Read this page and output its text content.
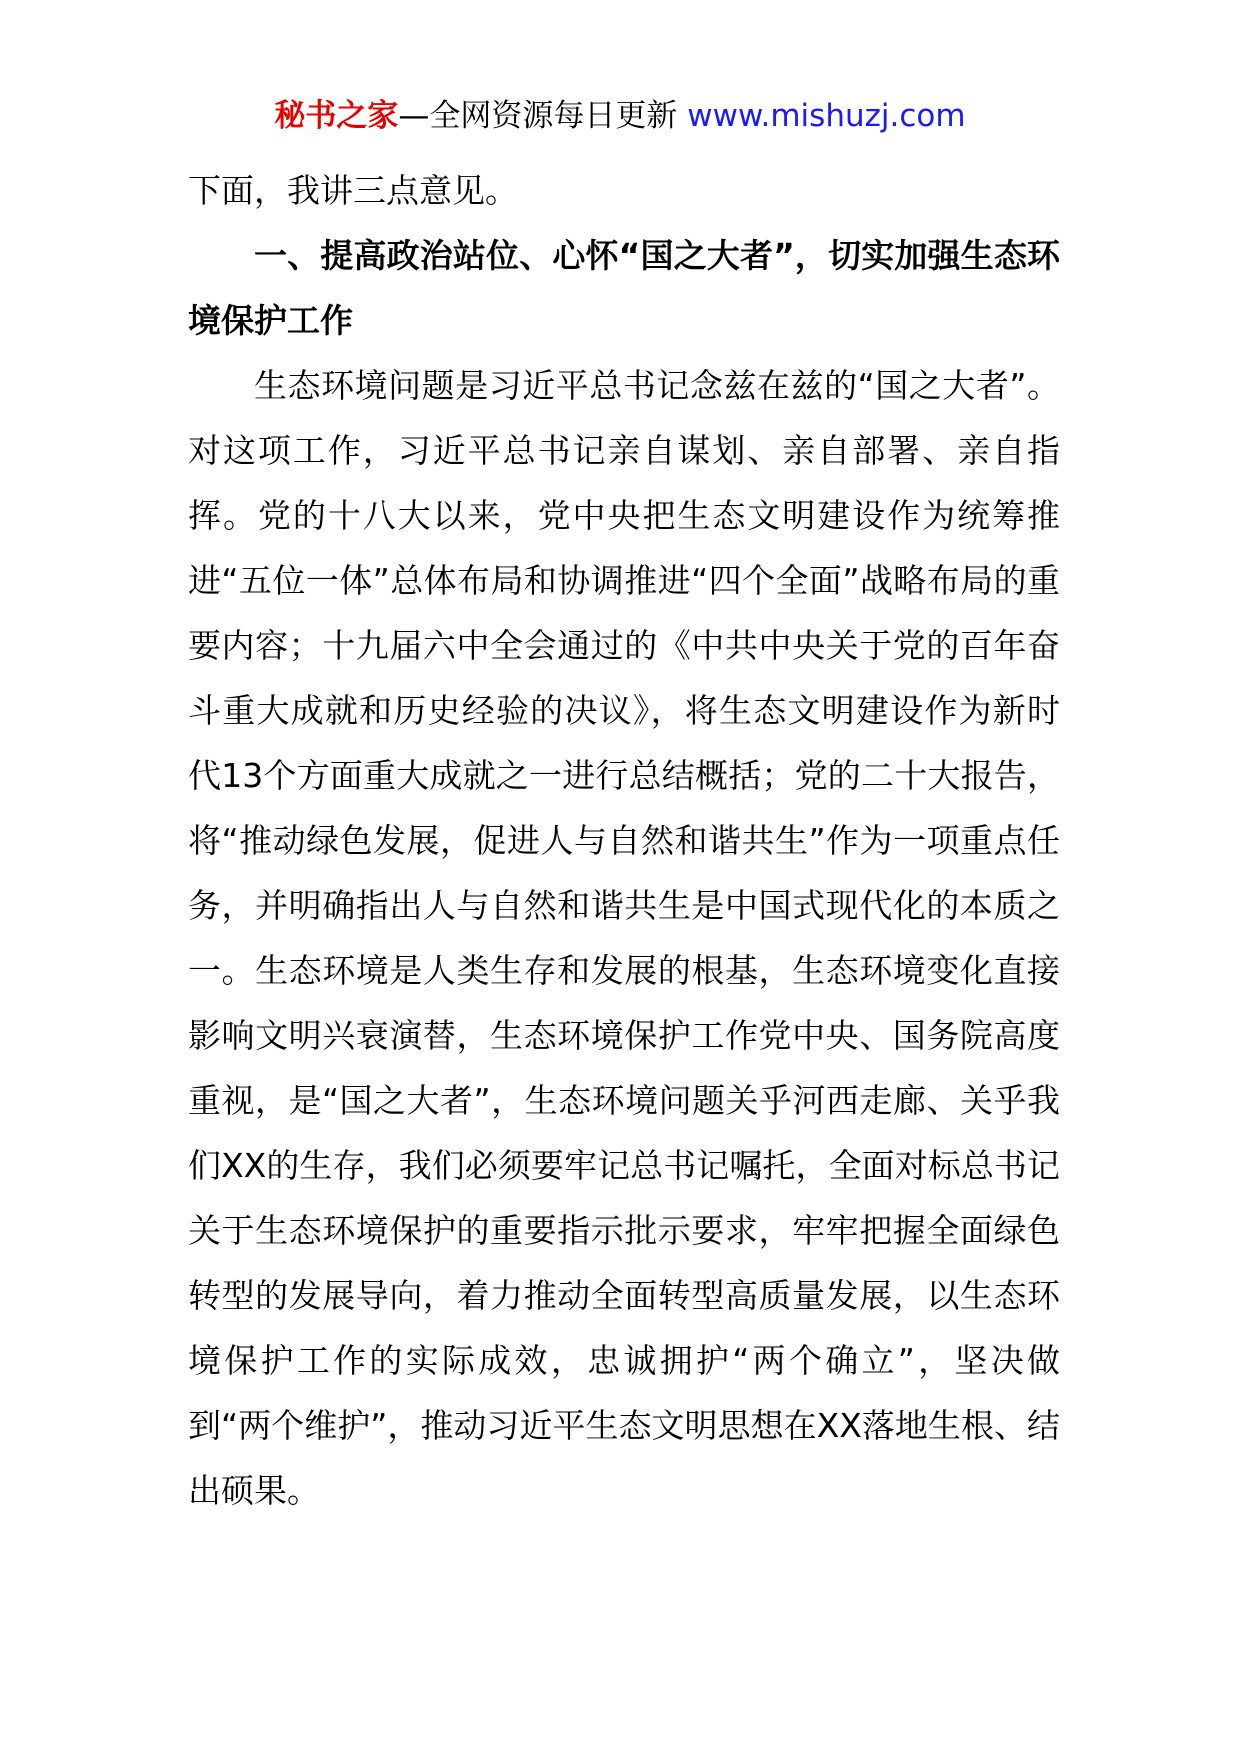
秘书之家—全网资源每日更新 www.mishuzj.com

下面，我讲三点意见。

一、提高政治站位、心怀“国之大者”，切实加强生态环境保护工作

生态环境问题是习近平总书记念兹在兹的“国之大者”。对这项工作，习近平总书记亲自谋划、亲自部署、亲自指挥。党的十八大以来，党中央把生态文明建设作为统筹推进“五位一体”总体布局和协调推进“四个全面”战略布局的重要内容；十九届六中全会通过的《中共中央关于党的百年奋斗重大成就和历史经验的决议》，将生态文明建设作为新时代13个方面重大成就之一进行总结概括；党的二十大报告，将“推动绿色发展，促进人与自然和谐共生”作为一项重点任务，并明确指出人与自然和谐共生是中国式现代化的本质之一。生态环境是人类生存和发展的根基，生态环境变化直接影响文明兴衰演替，生态环境保护工作党中央、国务院高度重视，是“国之大者”，生态环境问题关乎河西走廊、关乎我们XX的生存，我们必须要牢记总书记嘱托，全面对标总书记关于生态环境保护的重要指示批示要求，牢牢把握全面绿色转型的发展导向，着力推动全面转型高质量发展，以生态环境保护工作的实际成效，忠诚拥护“两个确立”，坚决做到“两个维护”，推动习近平生态文明思想在XX落地生根、结出硕果。
